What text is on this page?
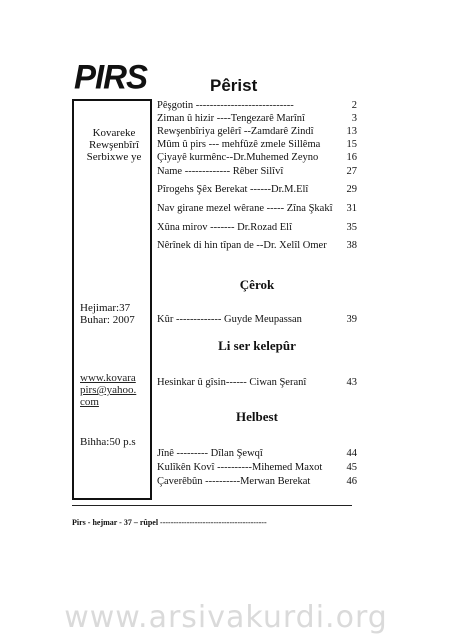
PIRS	Pêrist
Kovareke
Rewşenbîrî
Serbixwe ye
Hejimar:37
Buhar: 2007
www.kovara
pirs@yahoo.
com
Bihha:50 p.s
Pêşgotin ----------------------------	2
Ziman û hizir ----Tengezarê Marînî	3
Rewşenbîriya gelêrî --Zamdarê Zindî	13
Mûm û pirs --- mehfûzê zmele Sillêma 15
Çiyayê kurmênc--Dr.Muhemed Zeyno	16
Name ------------- Rêber Silîvî	27
Pîrogehs Şêx Berekat ------Dr.M.Elî	29
Nav girane mezel wêrane ----- Zîna Şkakî 31
Xûna mirov ------- Dr.Rozad Elî	35
Nêrînek di hin tîpan de --Dr. Xelîl Omer 38
Çêrok
Kûr ------------- Guyde Meupassan	39
Li ser kelepûr
Hesinkar û gîsin------ Ciwan Şeranî	43
Helbest
Jînê --------- Dîlan Şewqî	44
Kulîkên Kovî ----------Mihemed Maxot 45
Çaverêbûn ----------Merwan Berekat	46
Pirs - hejmar - 37 – rûpel ----------------------------------------
www.arsivakurdi.org
